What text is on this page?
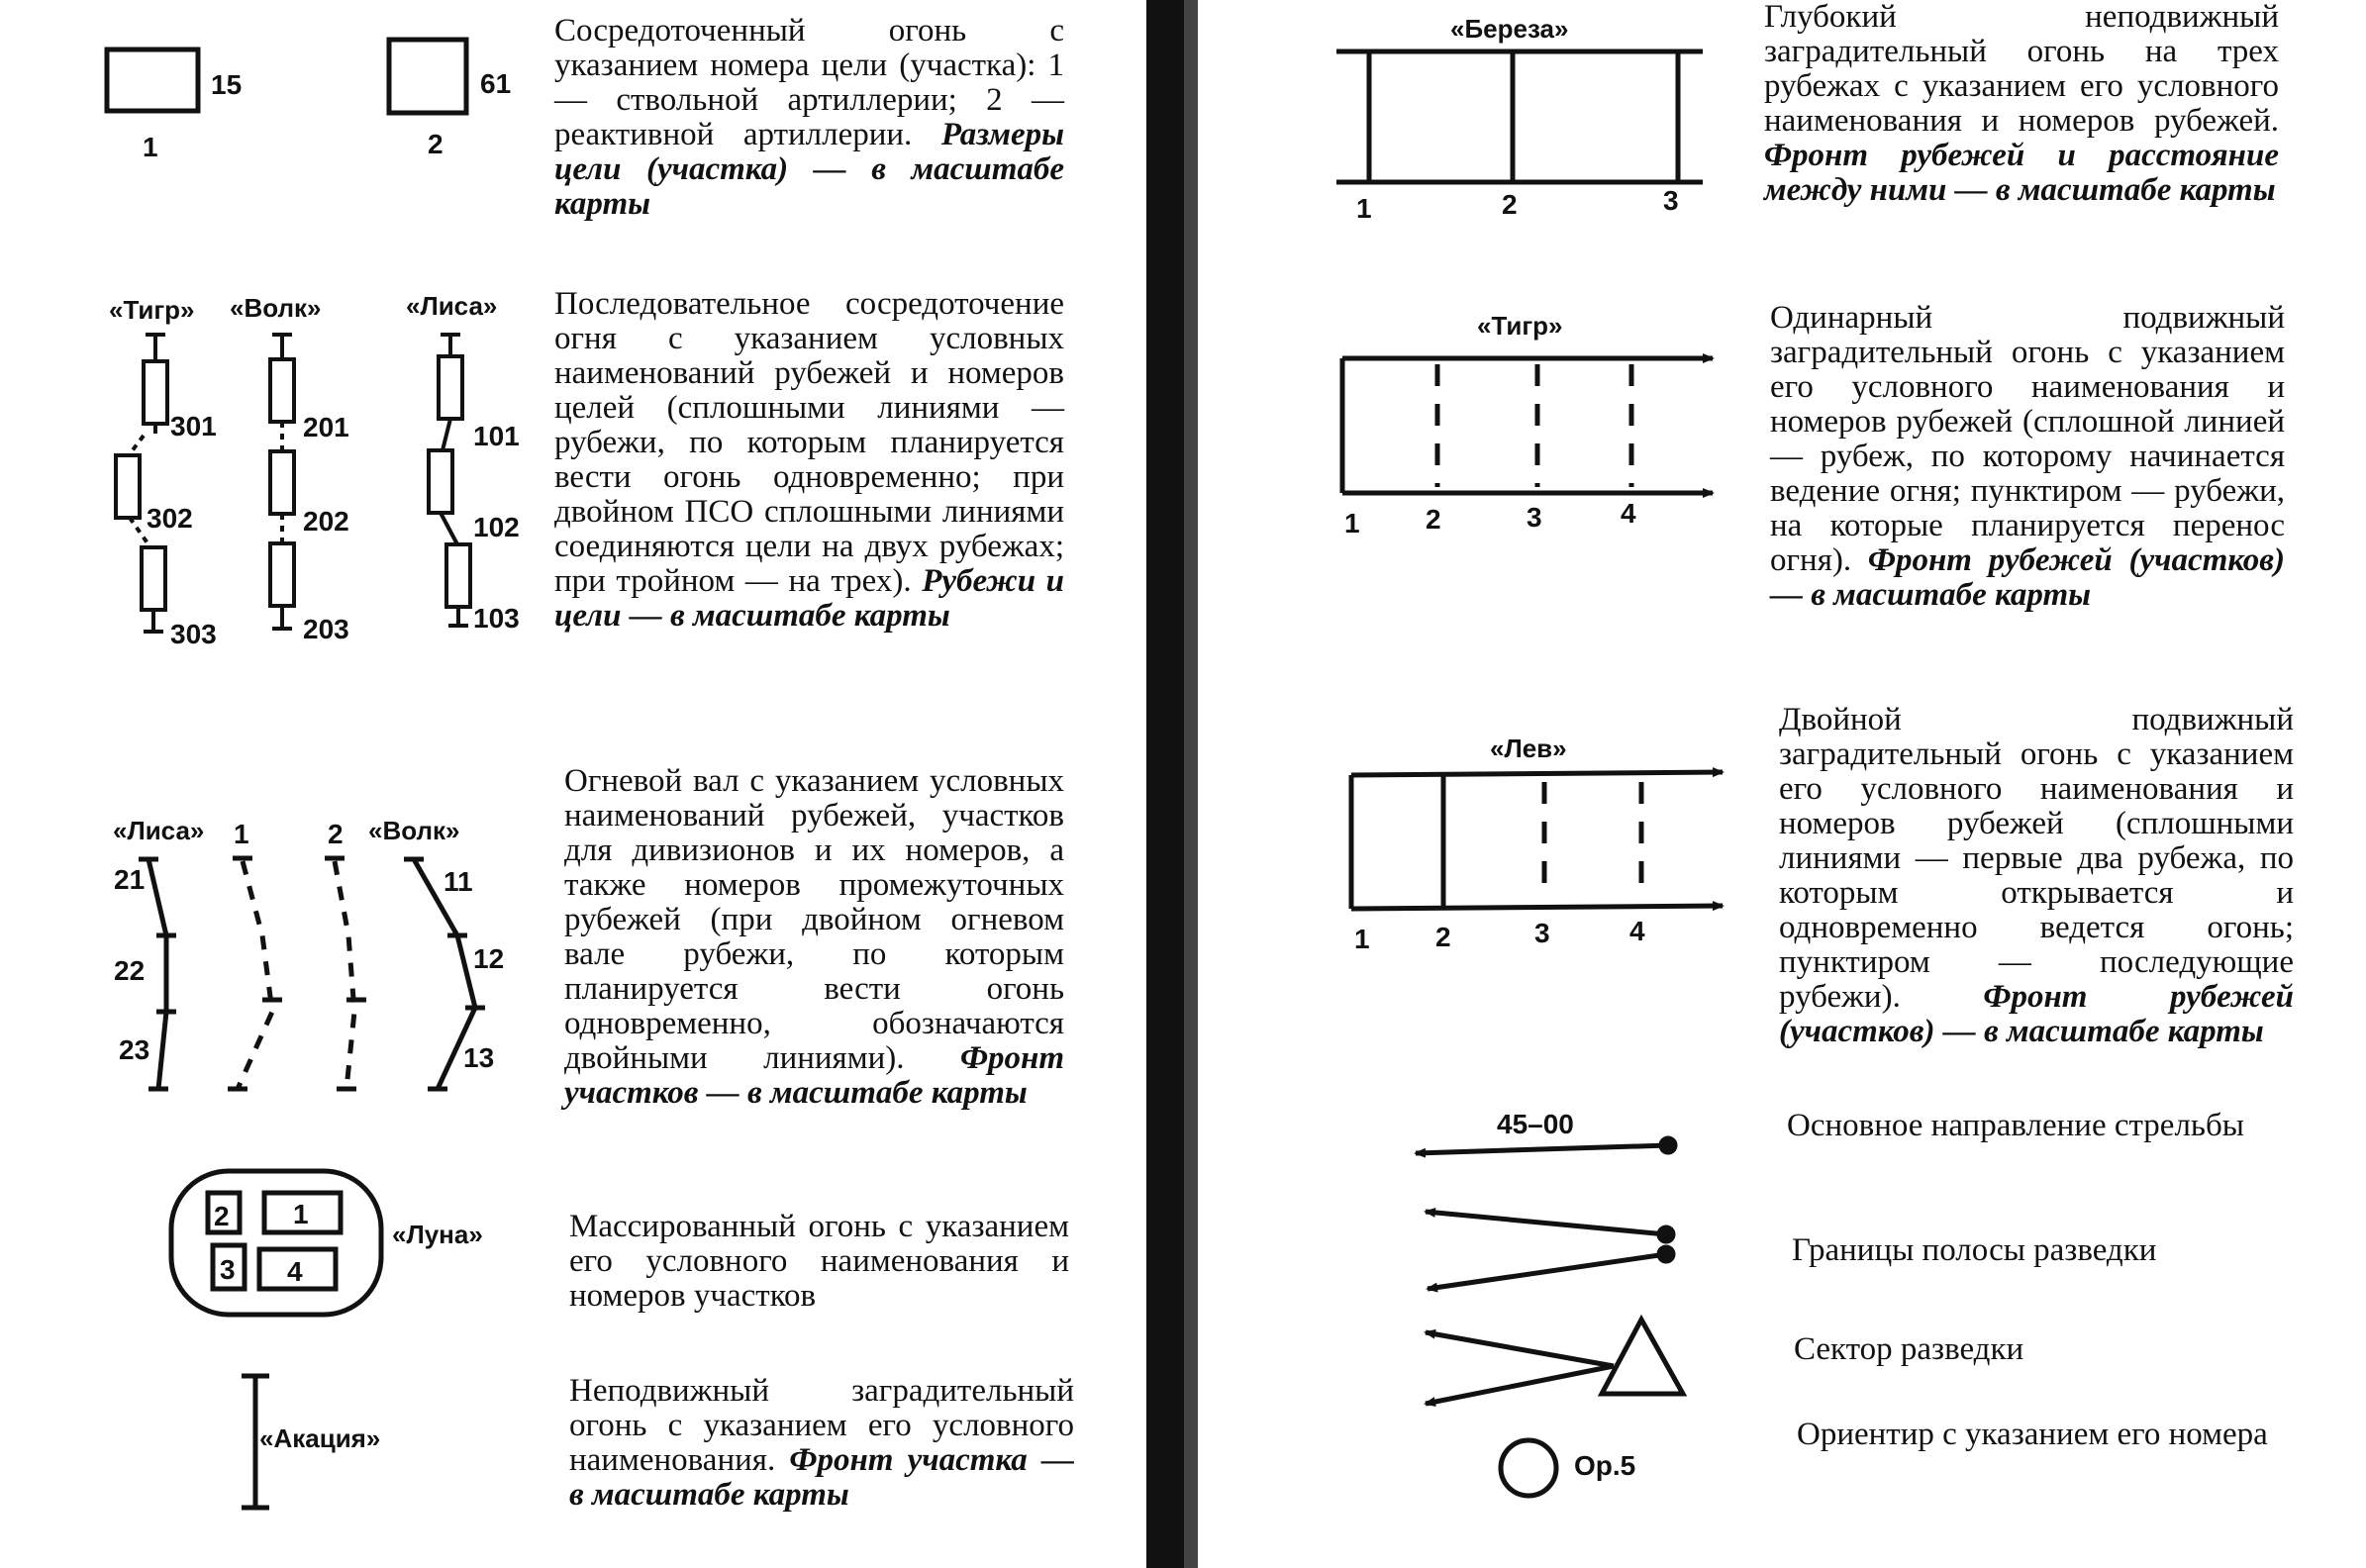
15	61
1	2
«Тигр» «Волк»	«Лиса»
301
302
303
201
202
203
101
102
103
«Лиса» 1	2 «Волк»
21
22
23
11
12
13
2 1
3 4
«Луна»
«Акация»
«Береза»
1	2	3
«Тигр»
1 2	3	4
«Лев»
1 2	3	4
45–00
Ор.5

Сосредоточенный огонь с указанием номера цели (участка): 1 — ствольной артиллерии; 2 — реактивной артиллерии. Размеры цели (участка) — в масштабе карты

Последовательное сосредоточение огня с указанием условных наименований рубежей и номеров целей (сплошными линиями — рубежи, по которым планируется вести огонь одновременно; при двойном ПСО сплошными линиями соединяются цели на двух рубежах; при тройном — на трех). Рубежи и цели — в масштабе карты

Огневой вал с указанием условных наименований рубежей, участков для дивизионов и их номеров, а также номеров промежуточных рубежей (при двойном огневом вале рубежи, по которым планируется вести огонь одновременно, обозначаются двойными линиями). Фронт участков — в масштабе карты

Массированный огонь с указанием его условного наименования и номеров участков

Неподвижный заградительный огонь с указанием его условного наименования. Фронт участка — в масштабе карты

Глубокий неподвижный заградительный огонь на трех рубежах с указанием его условного наименования и номеров рубежей. Фронт рубежей и расстояние между ними — в масштабе карты

Одинарный подвижный заградительный огонь с указанием его условного наименования и номеров рубежей (сплошной линией — рубеж, по которому начинается ведение огня; пунктиром — рубежи, на которые планируется перенос огня). Фронт рубежей (участков) — в масштабе карты

Двойной подвижный заградительный огонь с указанием его условного наименования и номеров рубежей (сплошными линиями — первые два рубежа, по которым открывается и одновременно ведется огонь; пунктиром — последующие рубежи).	Фронт рубежей (участков) — в масштабе карты

Основное направление стрельбы

Границы полосы разведки

Сектор разведки

Ориентир с указанием его номера
